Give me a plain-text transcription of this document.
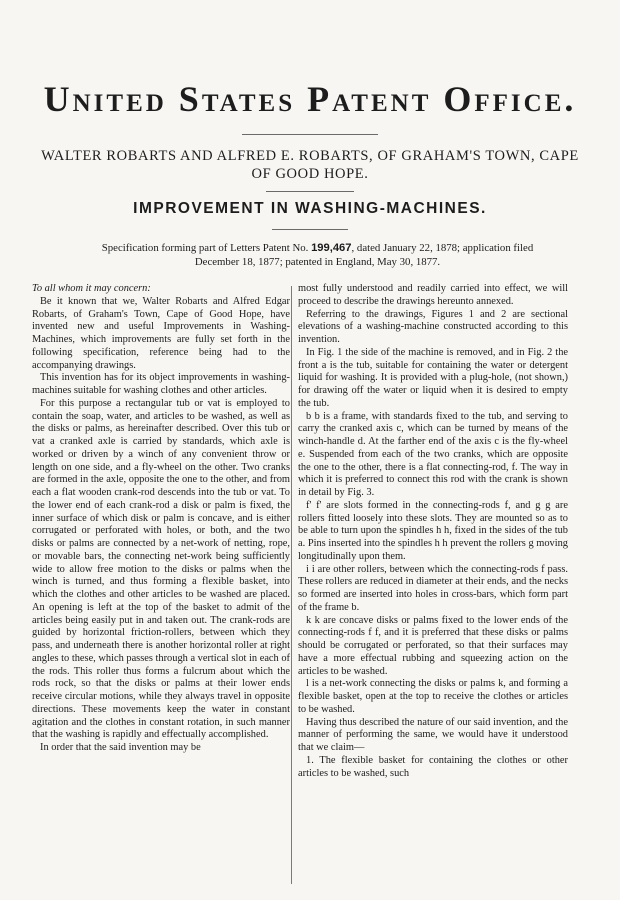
United States Patent Office.
WALTER ROBARTS AND ALFRED E. ROBARTS, OF GRAHAM'S TOWN, CAPE
OF GOOD HOPE.
IMPROVEMENT IN WASHING-MACHINES.
Specification forming part of Letters Patent No. 199,467, dated January 22, 1878; application filed
December 18, 1877; patented in England, May 30, 1877.

To all whom it may concern:

Be it known that we, Walter Robarts and Alfred Edgar Robarts, of Graham's Town, Cape of Good Hope, have invented new and useful Improvements in Washing-Machines, which improvements are fully set forth in the following specification, reference being had to the accompanying drawings.

This invention has for its object improvements in washing-machines suitable for washing clothes and other articles.

For this purpose a rectangular tub or vat is employed to contain the soap, water, and articles to be washed, as well as the disks or palms, as hereinafter described. Over this tub or vat a cranked axle is carried by standards, which axle is worked or driven by a winch of any convenient throw or length on one side, and a fly-wheel on the other. Two cranks are formed in the axle, opposite the one to the other, and from each a flat wooden crank-rod descends into the tub or vat. To the lower end of each crank-rod a disk or palm is fixed, the inner surface of which disk or palm is concave, and is either corrugated or perforated with holes, or both, and the two disks or palms are connected by a net-work of netting, rope, or movable bars, the connecting net-work being sufficiently wide to allow free motion to the disks or palms when the winch is turned, and thus forming a flexible basket, into which the clothes and other articles to be washed are placed. An opening is left at the top of the basket to admit of the articles being easily put in and taken out. The crank-rods are guided by horizontal friction-rollers, between which they pass, and underneath there is another horizontal roller at right angles to these, which passes through a vertical slot in each of the rods. This roller thus forms a fulcrum about which the rods rock, so that the disks or palms at their lower ends receive circular motions, while they always travel in opposite directions. These movements keep the water in constant agitation and the clothes in constant rotation, in such manner that the washing is rapidly and effectually accomplished.

In order that the said invention may be

most fully understood and readily carried into effect, we will proceed to describe the drawings hereunto annexed.

Referring to the drawings, Figures 1 and 2 are sectional elevations of a washing-machine constructed according to this invention.

In Fig. 1 the side of the machine is removed, and in Fig. 2 the front a is the tub, suitable for containing the water or detergent liquid for washing. It is provided with a plug-hole, (not shown,) for drawing off the water or liquid when it is desired to empty the tub.

b b is a frame, with standards fixed to the tub, and serving to carry the cranked axis c, which can be turned by means of the winch-handle d. At the farther end of the axis c is the fly-wheel e. Suspended from each of the two cranks, which are opposite the one to the other, there is a flat connecting-rod, f. The way in which it is preferred to connect this rod with the crank is shown in detail by Fig. 3.

f' f' are slots formed in the connecting-rods f, and g g are rollers fitted loosely into these slots. They are mounted so as to be able to turn upon the spindles h h, fixed in the sides of the tub a. Pins inserted into the spindles h h prevent the rollers g moving longitudinally upon them.

i i are other rollers, between which the connecting-rods f pass. These rollers are reduced in diameter at their ends, and the necks so formed are inserted into holes in cross-bars, which form part of the frame b.

k k are concave disks or palms fixed to the lower ends of the connecting-rods f f, and it is preferred that these disks or palms should be corrugated or perforated, so that their surfaces may have a more effectual rubbing and squeezing action on the articles to be washed.

l is a net-work connecting the disks or palms k, and forming a flexible basket, open at the top to receive the clothes or articles to be washed.

Having thus described the nature of our said invention, and the manner of performing the same, we would have it understood that we claim—

1. The flexible basket for containing the clothes or other articles to be washed, such
